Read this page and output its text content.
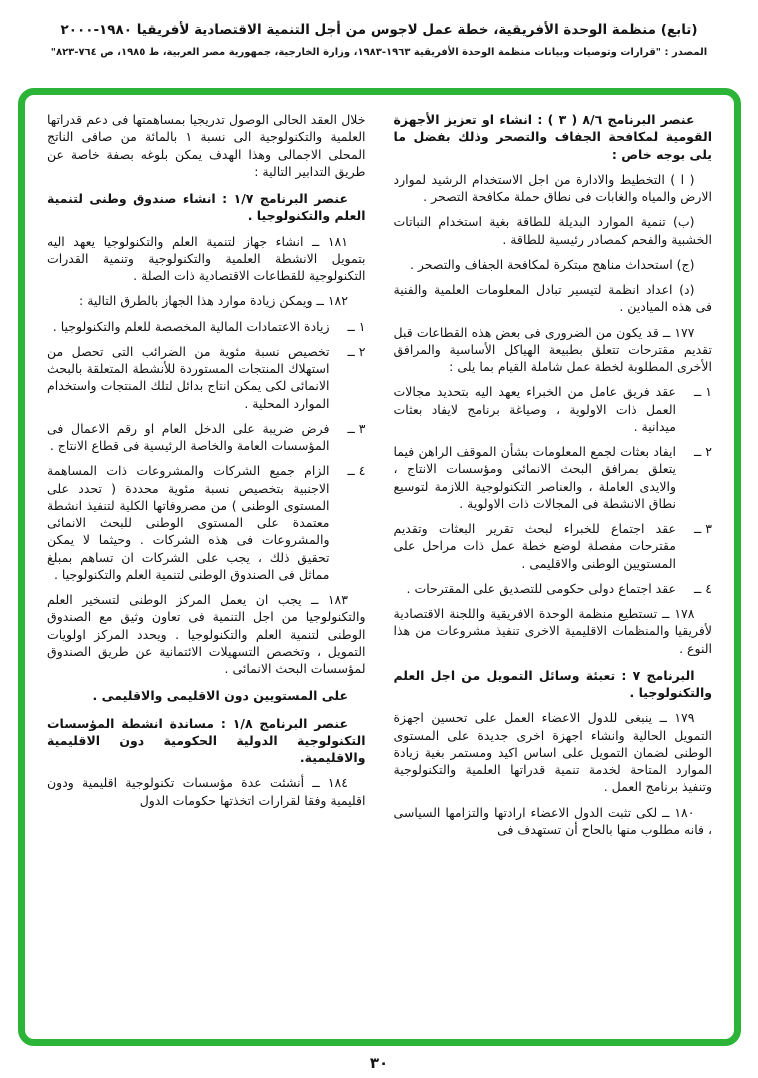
(تابع) منظمة الوحدة الأفريقية، خطة عمل لاجوس من أجل التنمية الاقتصادية لأفريقيا ١٩٨٠-٢٠٠٠
المصدر : "قرارات وتوصيات وبيانات منظمة الوحدة الأفريقية ١٩٦٣-١٩٨٣، وزارة الخارجية، جمهورية مصر العربية، ط ١٩٨٥، ص ٧٦٤-٨٢٣"
عنصر البرنامج ٨/٦ ( ٣ ) : انشاء او تعزيز الأجهزة القومية لمكافحة الجفاف والتصحر وذلك بفضل ما يلى بوجه خاص :
( ا ) التخطيط والادارة من اجل الاستخدام الرشيد لموارد الارض والمياه والغابات فى نطاق حملة مكافحة التصحر .
(ب) تنمية الموارد البديلة للطاقة بغية استخدام النباتات الخشبية والفحم كمصادر رئيسية للطاقة .
(ج) استحداث مناهج مبتكرة لمكافحة الجفاف والتصحر .
(د) اعداد انظمة لتيسير تبادل المعلومات العلمية والفنية فى هذه الميادين .
١٧٧ ــ قد يكون من الضرورى فى بعض هذه القطاعات قبل تقديم مقترحات تتعلق بطبيعة الهياكل الأساسية والمرافق الأخرى المطلوبة لخطة عمل شاملة القيام بما يلى :
١ ــ
عقد فريق عامل من الخبراء يعهد اليه بتحديد مجالات العمل ذات الاولوية ، وصياغة برنامج لايفاد بعثات ميدانية .
٢ ــ
ايفاد بعثات لجمع المعلومات بشأن الموقف الراهن فيما يتعلق بمرافق البحث الانمائى ومؤسسات الانتاج ، والايدى العاملة ، والعناصر التكنولوجية اللازمة لتوسيع نطاق الانشطة فى المجالات ذات الاولوية .
٣ ــ
عقد اجتماع للخبراء لبحث تقرير البعثات وتقديم مقترحات مفصلة لوضع خطة عمل ذات مراحل على المستويين الوطنى والاقليمى .
٤ ــ
عقد اجتماع دولى حكومى للتصديق على المقترحات .
١٧٨ ــ تستطيع منظمة الوحدة الافريقية واللجنة الاقتصادية لأفريقيا والمنظمات الاقليمية الاخرى تنفيذ مشروعات من هذا النوع .
البرنامج ٧ : تعبئة وسائل التمويل من اجل العلم والتكنولوجيا .
١٧٩ ــ ينبغى للدول الاعضاء العمل على تحسين اجهزة التمويل الحالية وانشاء اجهزة اخرى جديدة على المستوى الوطنى لضمان التمويل على اساس اكيد ومستمر بغية زيادة الموارد المتاحة لخدمة تنمية قدراتها العلمية والتكنولوجية وتنفيذ برنامج العمل .
١٨٠ ــ لكى تثبت الدول الاعضاء ارادتها والتزامها السياسى ، فانه مطلوب منها بالحاح أن تستهدف فى
خلال العقد الحالى الوصول تدريجيا بمساهمتها فى دعم قدراتها العلمية والتكنولوجية الى نسبة ١ بالمائة من صافى الناتج المحلى الاجمالى وهذا الهدف يمكن بلوغه بصفة خاصة عن طريق التدابير التالية :
عنصر البرنامج ١/٧ : انشاء صندوق وطنى لتنمية العلم والتكنولوجيا .
١٨١ ــ انشاء جهاز لتنمية العلم والتكنولوجيا يعهد اليه بتمويل الانشطة العلمية والتكنولوجية وتنمية القدرات التكنولوجية للقطاعات الاقتصادية ذات الصلة .
١٨٢ ــ ويمكن زيادة موارد هذا الجهاز بالطرق التالية :
١ ــ
زيادة الاعتمادات المالية المخصصة للعلم والتكنولوجيا .
٢ ــ
تخصيص نسبة مئوية من الضرائب التى تحصل من استهلاك المنتجات المستوردة للأنشطة المتعلقة بالبحث الانمائى لكى يمكن انتاج بدائل لتلك المنتجات واستخدام الموارد المحلية .
٣ ــ
فرض ضريبة على الدخل العام او رقم الاعمال فى المؤسسات العامة والخاصة الرئيسية فى قطاع الانتاج .
٤ ــ
الزام جميع الشركات والمشروعات ذات المساهمة الاجنبية بتخصيص نسبة مئوية محددة ( تحدد على المستوى الوطنى ) من مصروفاتها الكلية لتنفيذ انشطة معتمدة على المستوى الوطنى للبحث الانمائى والمشروعات فى هذه الشركات . وحيثما لا يمكن تحقيق ذلك ، يجب على الشركات ان تساهم بمبلغ مماثل فى الصندوق الوطنى لتنمية العلم والتكنولوجيا .
١٨٣ ــ يجب ان يعمل المركز الوطنى لتسخير العلم والتكنولوجيا من اجل التنمية فى تعاون وثيق مع الصندوق الوطنى لتنمية العلم والتكنولوجيا . ويحدد المركز اولويات التمويل ، وتخصص التسهيلات الائتمانية عن طريق الصندوق لمؤسسات البحث الانمائى .
على المستويين دون الاقليمى والاقليمى .
عنصر البرنامج ١/٨ : مساندة انشطة المؤسسات التكنولوجية الدولية الحكومية دون الاقليمية والاقليمية.
١٨٤ ــ أنشئت عدة مؤسسات تكنولوجية اقليمية ودون اقليمية وفقا لقرارات اتخذتها حكومات الدول
٣٠
